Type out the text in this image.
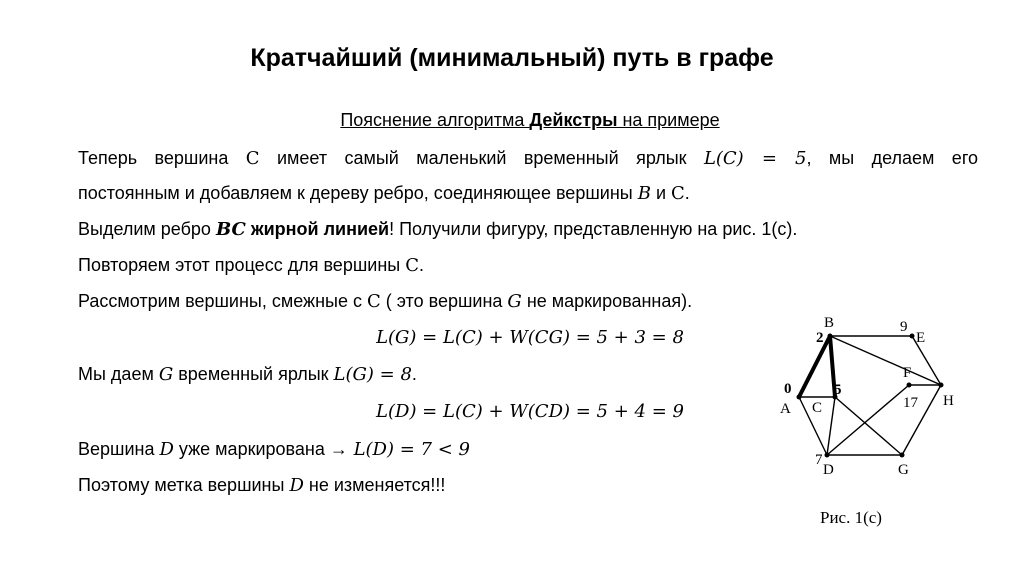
Кратчайший (минимальный) путь в графе
Пояснение алгоритма Дейкстры на примере
Теперь вершина C имеет самый маленький временный ярлык L(C) = 5, мы делаем его
постоянным и добавляем к дереву ребро, соединяющее вершины B и C.
Выделим ребро BC жирной линией! Получили фигуру, представленную на рис. 1(c).
Повторяем этот процесс для вершины C.
Рассмотрим вершины, смежные с C ( это вершина G не маркированная).
L(G) = L(C) + W(CG) = 5 + 3 = 8
Мы даем G временный ярлык L(G) = 8.
L(D) = L(C) + W(CD) = 5 + 4 = 9
Вершина D уже маркирована → L(D) = 7 < 9
Поэтому метка вершины D не изменяется!!!
A
B
C
D
E
F
G
H
0
2
5
7
9
17
Рис. 1(с)
